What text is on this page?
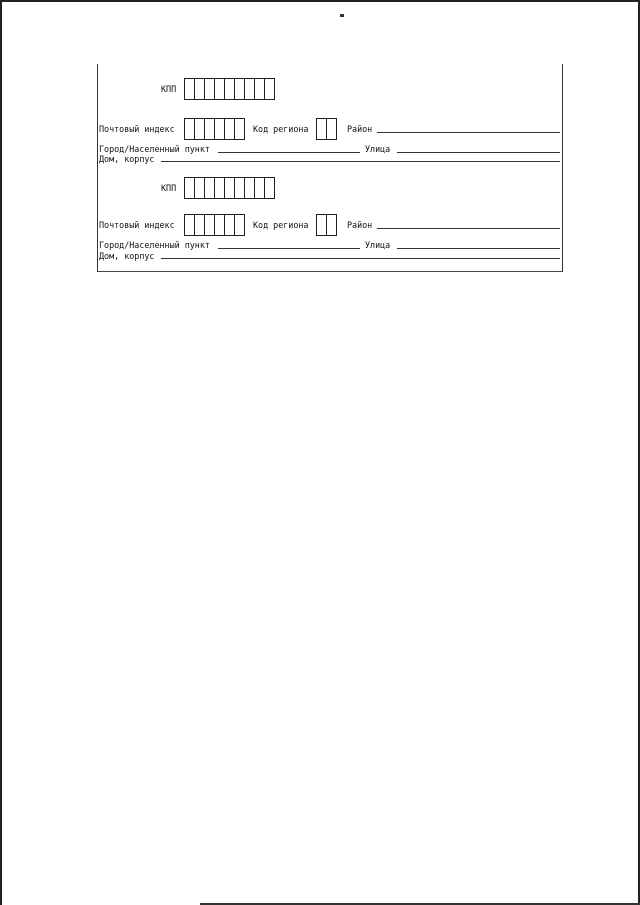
КПП
Почтовый индекс	Код региона	Район
Город/Населенный пункт	Улица
Дом, корпус
КПП
Почтовый индекс	Код региона	Район
Город/Населенный пункт	Улица
Дом, корпус
